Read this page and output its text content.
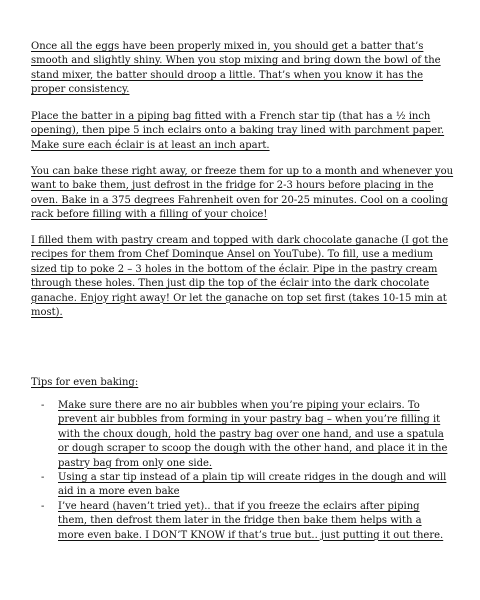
Once all the eggs have been properly mixed in, you should get a batter that’s smooth and slightly shiny. When you stop mixing and bring down the bowl of the stand mixer, the batter should droop a little. That’s when you know it has the proper consistency.

Place the batter in a piping bag fitted with a French star tip (that has a ½ inch opening), then pipe 5 inch eclairs onto a baking tray lined with parchment paper. Make sure each éclair is at least an inch apart.

You can bake these right away, or freeze them for up to a month and whenever you want to bake them, just defrost in the fridge for 2-3 hours before placing in the oven. Bake in a 375 degrees Fahrenheit oven for 20-25 minutes. Cool on a cooling rack before filling with a filling of your choice!

I filled them with pastry cream and topped with dark chocolate ganache (I got the recipes for them from Chef Dominque Ansel on YouTube). To fill, use a medium sized tip to poke 2 – 3 holes in the bottom of the éclair. Pipe in the pastry cream through these holes. Then just dip the top of the éclair into the dark chocolate ganache. Enjoy right away! Or let the ganache on top set first (takes 10-15 min at most).

Tips for even baking:

- Make sure there are no air bubbles when you’re piping your eclairs. To prevent air bubbles from forming in your pastry bag – when you’re filling it with the choux dough, hold the pastry bag over one hand, and use a spatula or dough scraper to scoop the dough with the other hand, and place it in the pastry bag from only one side.
- Using a star tip instead of a plain tip will create ridges in the dough and will aid in a more even bake
- I’ve heard (haven’t tried yet).. that if you freeze the eclairs after piping them, then defrost them later in the fridge then bake them helps with a more even bake. I DON’T KNOW if that’s true but.. just putting it out there.
